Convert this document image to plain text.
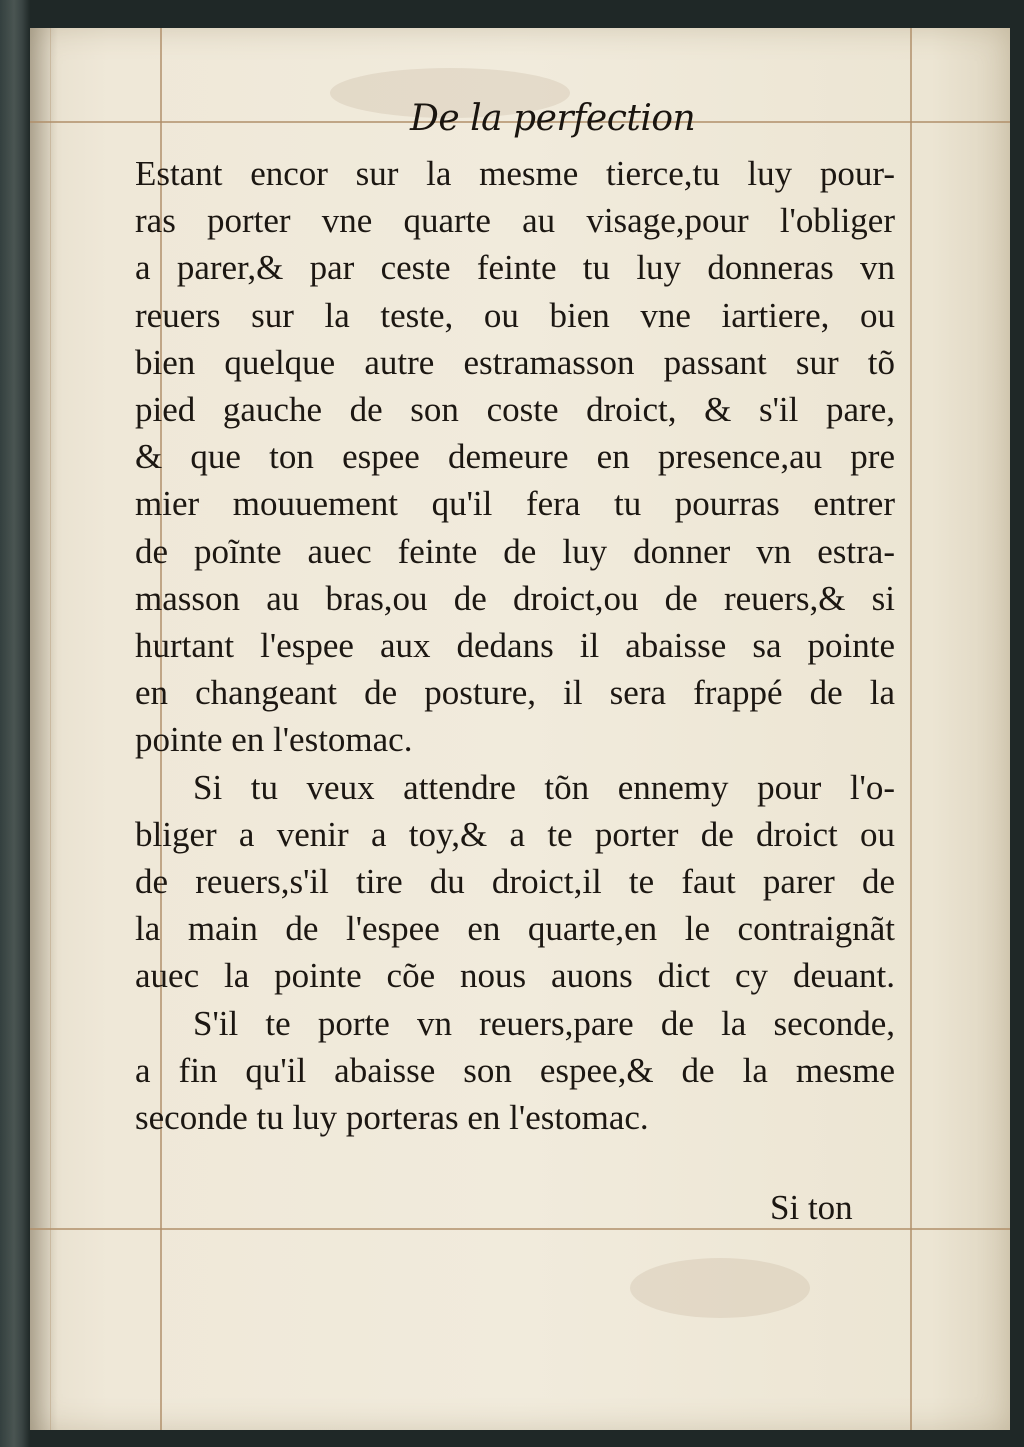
De la perfection
Estant encor sur la mesme tierce,tu luy pour-
ras porter vne quarte au visage,pour l'obliger
a parer,& par ceste feinte tu luy donneras vn
reuers sur la teste, ou bien vne iartiere, ou
bien quelque autre estramasson passant sur tõ
pied gauche de son coste droict, & s'il pare,
& que ton espee demeure en presence,au pre
mier mouuement qu'il fera tu pourras entrer
de poĩnte auec feinte de luy donner vn estra-
masson au bras,ou de droict,ou de reuers,& si
hurtant l'espee aux dedans il abaisse sa pointe
en changeant de posture, il sera frappé de la
pointe en l'estomac.
Si tu veux attendre tõn ennemy pour l'o-
bliger a venir a toy,& a te porter de droict ou
de reuers,s'il tire du droict,il te faut parer de
la main de l'espee en quarte,en le contraignãt
auec la pointe cõe nous auons dict cy deuant.
S'il te porte vn reuers,pare de la seconde,
a fin qu'il abaisse son espee,& de la mesme
seconde tu luy porteras en l'estomac.
Si ton
